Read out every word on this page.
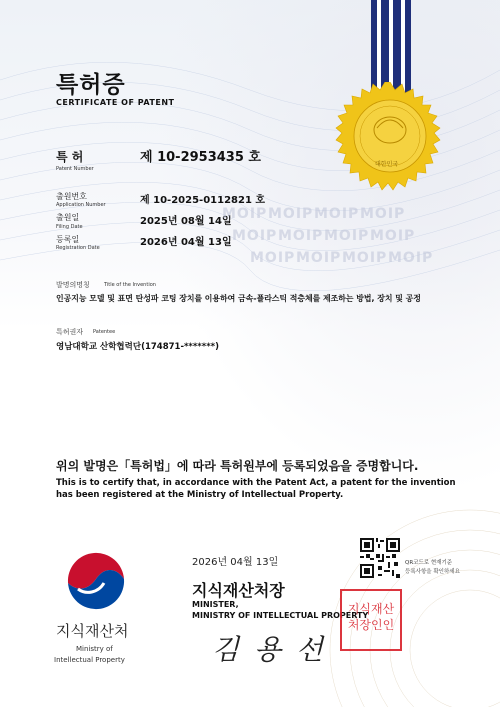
대한민국
특허증
CERTIFICATE OF PATENT
특 허
Patent Number
제 10-2953435 호
출원번호
Application Number	제 10-2025-0112821 호
출원일
Filing Date	2025년 08월 14일
등록일
Registration Date	2026년 04월 13일
MOIP MOIP MOIP MOIP
MOIP MOIP MOIP MOIP
MOIP MOIP MOIP MOIP
발명의명칭	Title of the Invention
인공지능 모델 및 표면 탄성파 코팅 장치를 이용하여 금속-플라스틱 적층체를 제조하는 방법, 장치 및 공정
특허권자 Patentee
영남대학교 산학협력단(174871-*******)
위의 발명은「특허법」에 따라 특허원부에 등록되었음을 증명합니다.
This is to certify that, in accordance with the Patent Act, a patent for the invention
has been registered at the Ministry of Intellectual Property.
지식재산처
Ministry of
Intellectual Property
2026년 04월 13일	QR코드로 현재기준
등록사항을 확인하세요
지식재산처장
MINISTER,
MINISTRY OF INTELLECTUAL PROPERTY
김 용 선
지식재산
처장인인
